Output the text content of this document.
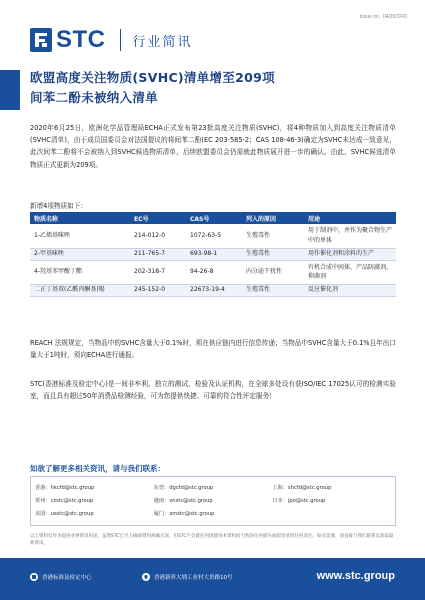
Issue no.: 04/20/CFD
STC 行业简讯
欧盟高度关注物质(SVHC)清单增至209项
间苯二酚未被纳入清单

2020年6月25日，欧洲化学品管理局ECHA正式发布第23批高度关注物质(SVHC)，将4种物质加入到高度关注物质清单(SVHC清单)，由于成员国委员会对法国提议的将间苯二酚(EC 203-585-2；CAS 108-46-3)确定为SVHC未达成一致意见，此次间苯二酚将不会被纳入到SVHC候选物质清单，后续欧盟委员会仍需就此物质展开进一步的确认。由此，SVHC候选清单物质正式更新为209项。

新增4项物质如下：
物质名称	EC号	CAS号	列入的原因	用途
1-乙烯基咪唑	214-012-0	1072-63-5	生殖毒性	用于制剂中，并作为聚合物生产中的单体
2-甲基咪唑	211-765-7	693-98-1	生殖毒性	用作催化剂和涂料的生产
4-羟基苯甲酸丁酯	202-318-7	94-26-8	内分泌干扰性	有机合成中间体，产品防腐剂、抑菌剂
二正丁基双(乙酰丙酮基)锡	245-152-0	22673-19-4	生殖毒性	反应催化剂

REACH 法规规定，当物品中的SVHC含量大于0.1%时，须在供应链内进行信息传递；当物品中SVHC含量大于0.1%且年出口量大于1吨时，须向ECHA进行通报。

STC(香港标准及检定中心)是一间非牟利、独立的测试、检验及认证机构，在全球多处设有获ISO/IEC 17025认可的检测实验室，而且具有超过50年消费品检测经验，可为您提供快捷、可靠的符合性评定服务！

如欲了解更多相关资讯，请与我们联系：
香港：hkcfd@stc.group	东莞：dgcfd@stc.group	上海：shcfd@stc.group
常州：czstc@stc.group	越南：vnstc@stc.group	日本：jpo@stc.group
美国：usstc@stc.group	厦门：xmstc@stc.group

以上资料仅作为提供业界资讯用途。虽然STC已尽力确保资料准确无误，但STC不会就任何因使用本资料而引致的任何损失或损害承担任何责任。如有需要，请直接与我们联系以获取最新资讯。

香港标准及检定中心	香港新界大埔工业村大贵路10号	www.stc.group
